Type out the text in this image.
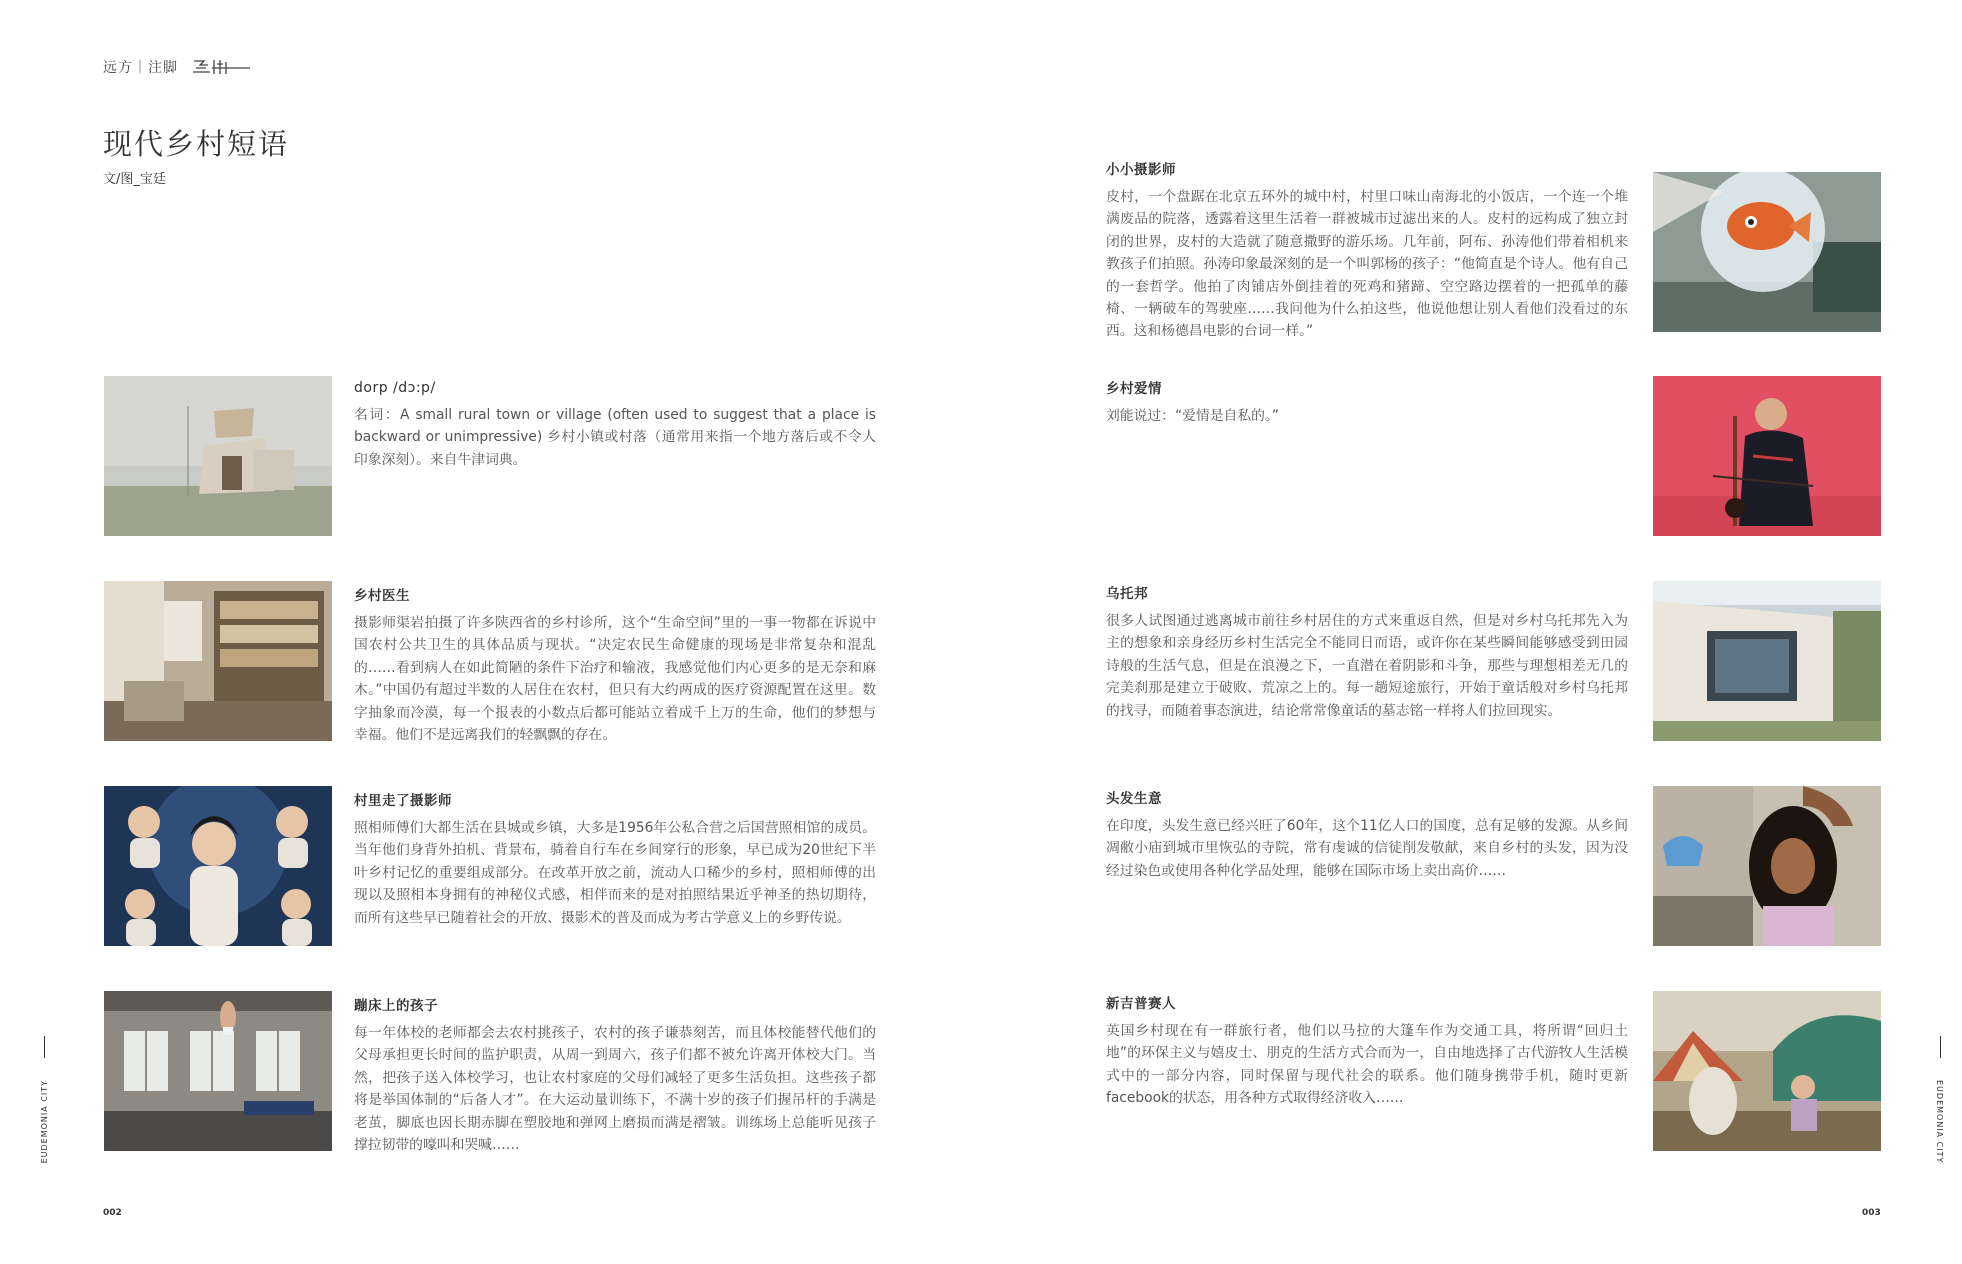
远方｜注脚
现代乡村短语

文/图_宝廷

dorp /dɔ:p/

名词：A small rural town or village (often used to suggest that a place is backward or unimpressive) 乡村小镇或村落（通常用来指一个地方落后或不令人印象深刻）。来自牛津词典。

乡村医生

摄影师渠岩拍摄了许多陕西省的乡村诊所，这个“生命空间”里的一事一物都在诉说中国农村公共卫生的具体品质与现状。“决定农民生命健康的现场是非常复杂和混乱的……看到病人在如此简陋的条件下治疗和输液，我感觉他们内心更多的是无奈和麻木。”中国仍有超过半数的人居住在农村，但只有大约两成的医疗资源配置在这里。数字抽象而冷漠，每一个报表的小数点后都可能站立着成千上万的生命，他们的梦想与幸福。他们不是远离我们的轻飘飘的存在。

村里走了摄影师

照相师傅们大都生活在县城或乡镇，大多是1956年公私合营之后国营照相馆的成员。当年他们身背外拍机、背景布，骑着自行车在乡间穿行的形象，早已成为20世纪下半叶乡村记忆的重要组成部分。在改革开放之前，流动人口稀少的乡村，照相师傅的出现以及照相本身拥有的神秘仪式感，相伴而来的是对拍照结果近乎神圣的热切期待，而所有这些早已随着社会的开放、摄影术的普及而成为考古学意义上的乡野传说。

蹦床上的孩子

每一年体校的老师都会去农村挑孩子，农村的孩子谦恭刻苦，而且体校能替代他们的父母承担更长时间的监护职责，从周一到周六，孩子们都不被允许离开体校大门。当然，把孩子送入体校学习，也让农村家庭的父母们减轻了更多生活负担。这些孩子都将是举国体制的“后备人才”。在大运动量训练下，不满十岁的孩子们握吊杆的手满是老茧，脚底也因长期赤脚在塑胶地和弹网上磨损而满是褶皱。训练场上总能听见孩子撑拉韧带的嚎叫和哭喊……

小小摄影师

皮村，一个盘踞在北京五环外的城中村，村里口味山南海北的小饭店，一个连一个堆满废品的院落，透露着这里生活着一群被城市过滤出来的人。皮村的远构成了独立封闭的世界，皮村的大造就了随意撒野的游乐场。几年前，阿布、孙涛他们带着相机来教孩子们拍照。孙涛印象最深刻的是一个叫郭杨的孩子：“他简直是个诗人。他有自己的一套哲学。他拍了肉铺店外倒挂着的死鸡和猪蹄、空空路边摆着的一把孤单的藤椅、一辆破车的驾驶座……我问他为什么拍这些，他说他想让别人看他们没看过的东西。这和杨德昌电影的台词一样。”

乡村爱情

刘能说过：“爱情是自私的。”

乌托邦

很多人试图通过逃离城市前往乡村居住的方式来重返自然，但是对乡村乌托邦先入为主的想象和亲身经历乡村生活完全不能同日而语，或许你在某些瞬间能够感受到田园诗般的生活气息，但是在浪漫之下，一直潜在着阴影和斗争，那些与理想相差无几的完美刹那是建立于破败、荒凉之上的。每一趟短途旅行，开始于童话般对乡村乌托邦的找寻，而随着事态演进，结论常常像童话的墓志铭一样将人们拉回现实。

头发生意

在印度，头发生意已经兴旺了60年，这个11亿人口的国度，总有足够的发源。从乡间凋敝小庙到城市里恢弘的寺院，常有虔诚的信徒削发敬献，来自乡村的头发，因为没经过染色或使用各种化学品处理，能够在国际市场上卖出高价……

新吉普赛人

英国乡村现在有一群旅行者，他们以马拉的大篷车作为交通工具，将所谓“回归土地”的环保主义与嬉皮士、朋克的生活方式合而为一，自由地选择了古代游牧人生活模式中的一部分内容，同时保留与现代社会的联系。他们随身携带手机，随时更新facebook的状态，用各种方式取得经济收入……

EUDEMONIA CITY	EUDEMONIA CITY
002	003
